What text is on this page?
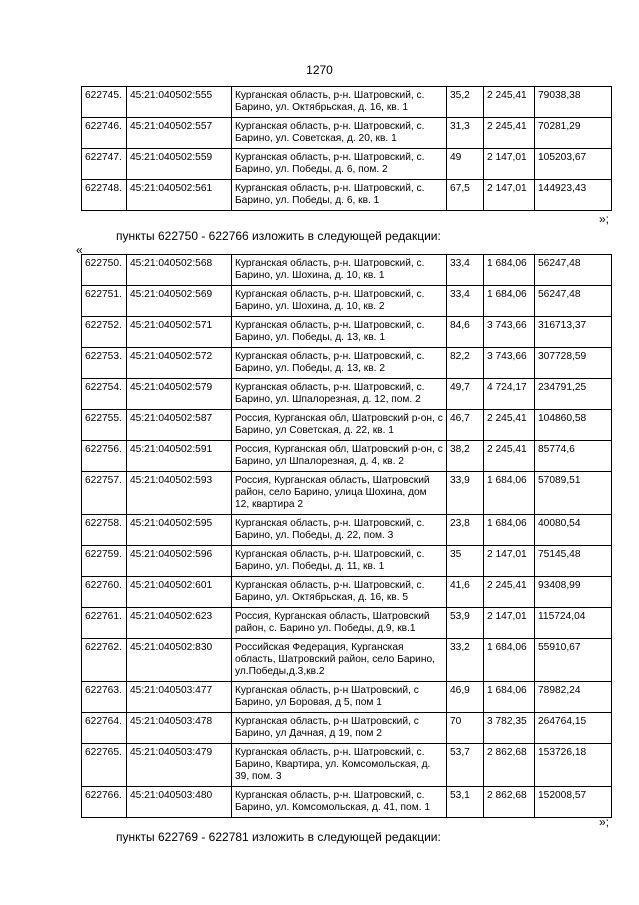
1270
622745.	45:21:040502:555	Курганская область, р-н. Шатровский, с. Барино, ул. Октябрьская, д. 16, кв. 1	35,2	2 245,41	79038,38
622746.	45:21:040502:557	Курганская область, р-н. Шатровский, с. Барино, ул. Советская, д. 20, кв. 1	31,3	2 245,41	70281,29
622747.	45:21:040502:559	Курганская область, р-н. Шатровский, с. Барино, ул. Победы, д. 6, пом. 2	49	2 147,01	105203,67
622748.	45:21:040502:561	Курганская область, р-н. Шатровский, с. Барино, ул. Победы, д. 6, кв. 1	67,5	2 147,01	144923,43
»;
пункты 622750 - 622766 изложить в следующей редакции:
«
622750.	45:21:040502:568	Курганская область, р-н. Шатровский, с. Барино, ул. Шохина, д. 10, кв. 1	33,4	1 684,06	56247,48
622751.	45:21:040502:569	Курганская область, р-н. Шатровский, с. Барино, ул. Шохина, д. 10, кв. 2	33,4	1 684,06	56247,48
622752.	45:21:040502:571	Курганская область, р-н. Шатровский, с. Барино, ул. Победы, д. 13, кв. 1	84,6	3 743,66	316713,37
622753.	45:21:040502:572	Курганская область, р-н. Шатровский, с. Барино, ул. Победы, д. 13, кв. 2	82,2	3 743,66	307728,59
622754.	45:21:040502:579	Курганская область, р-н. Шатровский, с. Барино, ул. Шпалорезная, д. 12, пом. 2	49,7	4 724,17	234791,25
622755.	45:21:040502:587	Россия, Курганская обл, Шатровский р-он, с Барино, ул Советская, д. 22, кв. 1	46,7	2 245,41	104860,58
622756.	45:21:040502:591	Россия, Курганская обл, Шатровский р-он, с Барино, ул Шпалорезная, д. 4, кв. 2	38,2	2 245,41	85774,6
622757.	45:21:040502:593	Россия, Курганская область, Шатровский район, село Барино, улица Шохина, дом 12, квартира 2	33,9	1 684,06	57089,51
622758.	45:21:040502:595	Курганская область, р-н. Шатровский, с. Барино, ул. Победы, д. 22, пом. 3	23,8	1 684,06	40080,54
622759.	45:21:040502:596	Курганская область, р-н. Шатровский, с. Барино, ул. Победы, д. 11, кв. 1	35	2 147,01	75145,48
622760.	45:21:040502:601	Курганская область, р-н. Шатровский, с. Барино, ул. Октябрьская, д. 16, кв. 5	41,6	2 245,41	93408,99
622761.	45:21:040502:623	Россия, Курганская область, Шатровский район, с. Барино ул. Победы, д.9, кв.1	53,9	2 147,01	115724,04
622762.	45:21:040502:830	Российская Федерация, Курганская область, Шатровский район, село Барино, ул.Победы,д.3,кв.2	33,2	1 684,06	55910,67
622763.	45:21:040503:477	Курганская область, р-н Шатровский, с Барино, ул Боровая, д 5, пом 1	46,9	1 684,06	78982,24
622764.	45:21:040503:478	Курганская область, р-н Шатровский, с Барино, ул Дачная, д 19, пом 2	70	3 782,35	264764,15
622765.	45:21:040503:479	Курганская область, р-н. Шатровский, с. Барино, Квартира, ул. Комсомольская, д. 39, пом. 3	53,7	2 862,68	153726,18
622766.	45:21:040503:480	Курганская область, р-н. Шатровский, с. Барино, ул. Комсомольская, д. 41, пом. 1	53,1	2 862,68	152008,57
»;
пункты 622769 - 622781 изложить в следующей редакции:
